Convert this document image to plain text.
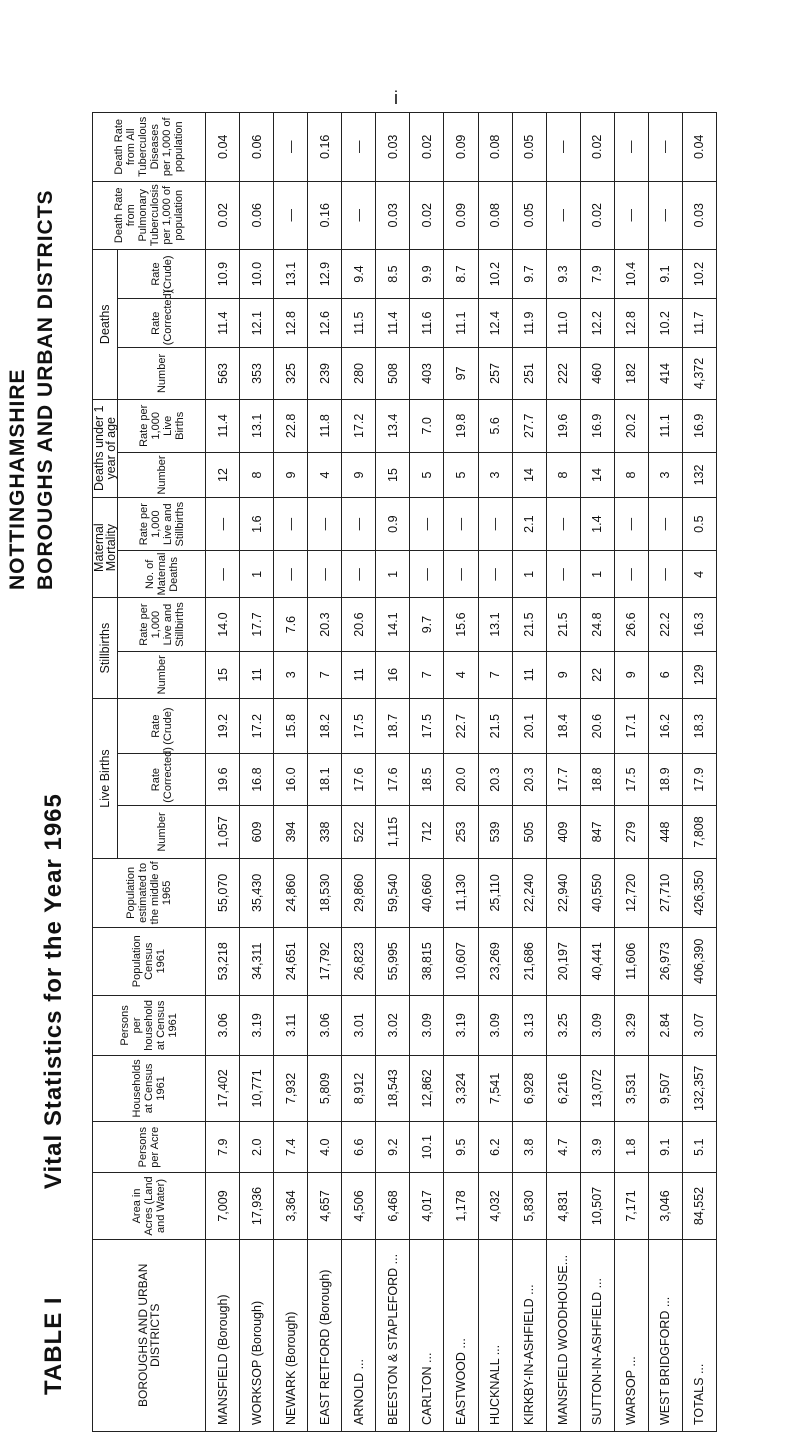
NOTTINGHAMSHIRE BOROUGHS AND URBAN DISTRICTS
TABLE I              Vital Statistics for the Year 1965
i
BOROUGHS AND URBAN DISTRICTS	Area in Acres (Land and Water)	Persons per Acre	Households at Census 1961	Persons per household at Census 1961	Population Census 1961	Population estimated to the middle of 1965	Live Births			Stillbirths		Maternal Mortality		Deaths under 1 year of age		Deaths			Death Rate from Pulmonary Tuberculosis per 1,000 of population	Death Rate from All Tuberculous Diseases per 1,000 of population
							Number	Rate (Corrected)	Rate (Crude)	Number	Rate per 1,000 Live and Stillbirths	No. of Maternal Deaths	Rate per 1,000 Live and Stillbirths	Number	Rate per 1,000 Live Births	Number	Rate (Corrected)	Rate (Crude)		
MANSFIELD (Borough)	7,009	7.9	17,402	3.06	53,218	55,070	1,057	19.6	19.2	15	14.0	—	—	12	11.4	563	11.4	10.9	0.02	0.04
WORKSOP (Borough)	17,936	2.0	10,771	3.19	34,311	35,430	609	16.8	17.2	11	17.7	1	1.6	8	13.1	353	12.1	10.0	0.06	0.06
NEWARK (Borough)	3,364	7.4	7,932	3.11	24,651	24,860	394	16.0	15.8	3	7.6	—	—	9	22.8	325	12.8	13.1	—	—
EAST RETFORD (Borough)	4,657	4.0	5,809	3.06	17,792	18,530	338	18.1	18.2	7	20.3	—	—	4	11.8	239	12.6	12.9	0.16	0.16
ARNOLD ...	4,506	6.6	8,912	3.01	26,823	29,860	522	17.6	17.5	11	20.6	—	—	9	17.2	280	11.5	9.4	—	—
BEESTON & STAPLEFORD ...	6,468	9.2	18,543	3.02	55,995	59,540	1,115	17.6	18.7	16	14.1	1	0.9	15	13.4	508	11.4	8.5	0.03	0.03
CARLTON ...	4,017	10.1	12,862	3.09	38,815	40,660	712	18.5	17.5	7	9.7	—	—	5	7.0	403	11.6	9.9	0.02	0.02
EASTWOOD ...	1,178	9.5	3,324	3.19	10,607	11,130	253	20.0	22.7	4	15.6	—	—	5	19.8	97	11.1	8.7	0.09	0.09
HUCKNALL ...	4,032	6.2	7,541	3.09	23,269	25,110	539	20.3	21.5	7	13.1	—	—	3	5.6	257	12.4	10.2	0.08	0.08
KIRKBY-IN-ASHFIELD ...	5,830	3.8	6,928	3.13	21,686	22,240	505	20.3	20.1	11	21.5	1	2.1	14	27.7	251	11.9	9.7	0.05	0.05
MANSFIELD WOODHOUSE...	4,831	4.7	6,216	3.25	20,197	22,940	409	17.7	18.4	9	21.5	—	—	8	19.6	222	11.0	9.3	—	—
SUTTON-IN-ASHFIELD ...	10,507	3.9	13,072	3.09	40,441	40,550	847	18.8	20.6	22	24.8	1	1.4	14	16.9	460	12.2	7.9	0.02	0.02
WARSOP ...	7,171	1.8	3,531	3.29	11,606	12,720	279	17.5	17.1	9	26.6	—	—	8	20.2	182	12.8	10.4	—	—
WEST BRIDGFORD ...	3,046	9.1	9,507	2.84	26,973	27,710	448	18.9	16.2	6	22.2	—	—	3	11.1	414	10.2	9.1	—	—
TOTALS ...	84,552	5.1	132,357	3.07	406,390	426,350	7,808	17.9	18.3	129	16.3	4	0.5	132	16.9	4,372	11.7	10.2	0.03	0.04
